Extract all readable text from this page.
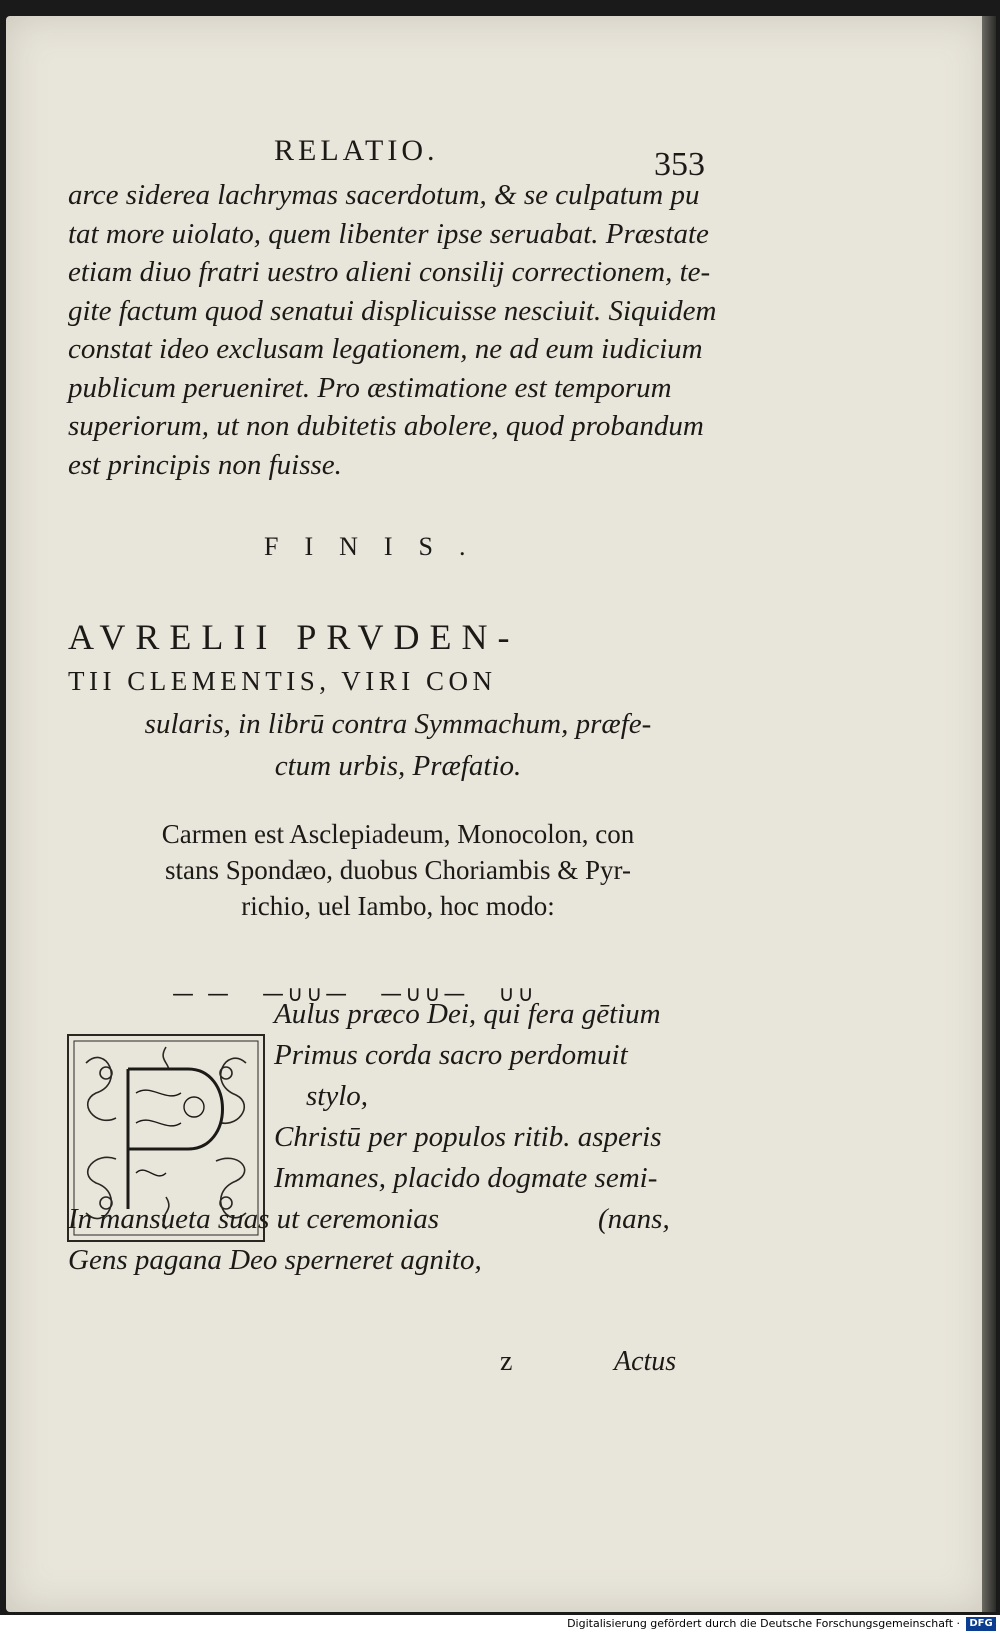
RELATIO.	353
arce siderea lachrymas sacerdotum, & se culpatum pu
tat more uiolato, quem libenter ipse seruabat. Præstate
etiam diuo fratri uestro alieni consilij correctionem, te-
gite factum quod senatui displicuisse nesciuit. Siquidem
constat ideo exclusam legationem, ne ad eum iudicium
publicum perueniret. Pro æstimatione est temporum
superiorum, ut non dubitetis abolere, quod probandum
est principis non fuisse.
FINIS.
AVRELII PRVDEN-
TII CLEMENTIS, VIRI CON
sularis, in librū contra Symmachum, præfe-
ctum urbis, Præfatio.
Carmen est Asclepiadeum, Monocolon, con
stans Spondæo, duobus Choriambis & Pyr-
richio, uel Iambo, hoc modo:
— —   —∪∪—   —∪∪—   ∪∪
Aulus præco Dei, qui fera gētium
Primus corda sacro perdomuit
stylo,
Christū per populos ritib. asperis
Immanes, placido dogmate semi-
In mansueta suas ut ceremonias	(nans,
Gens pagana Deo sperneret agnito,
z	Actus
Digitalisierung gefördert durch die Deutsche Forschungsgemeinschaft · DFG
